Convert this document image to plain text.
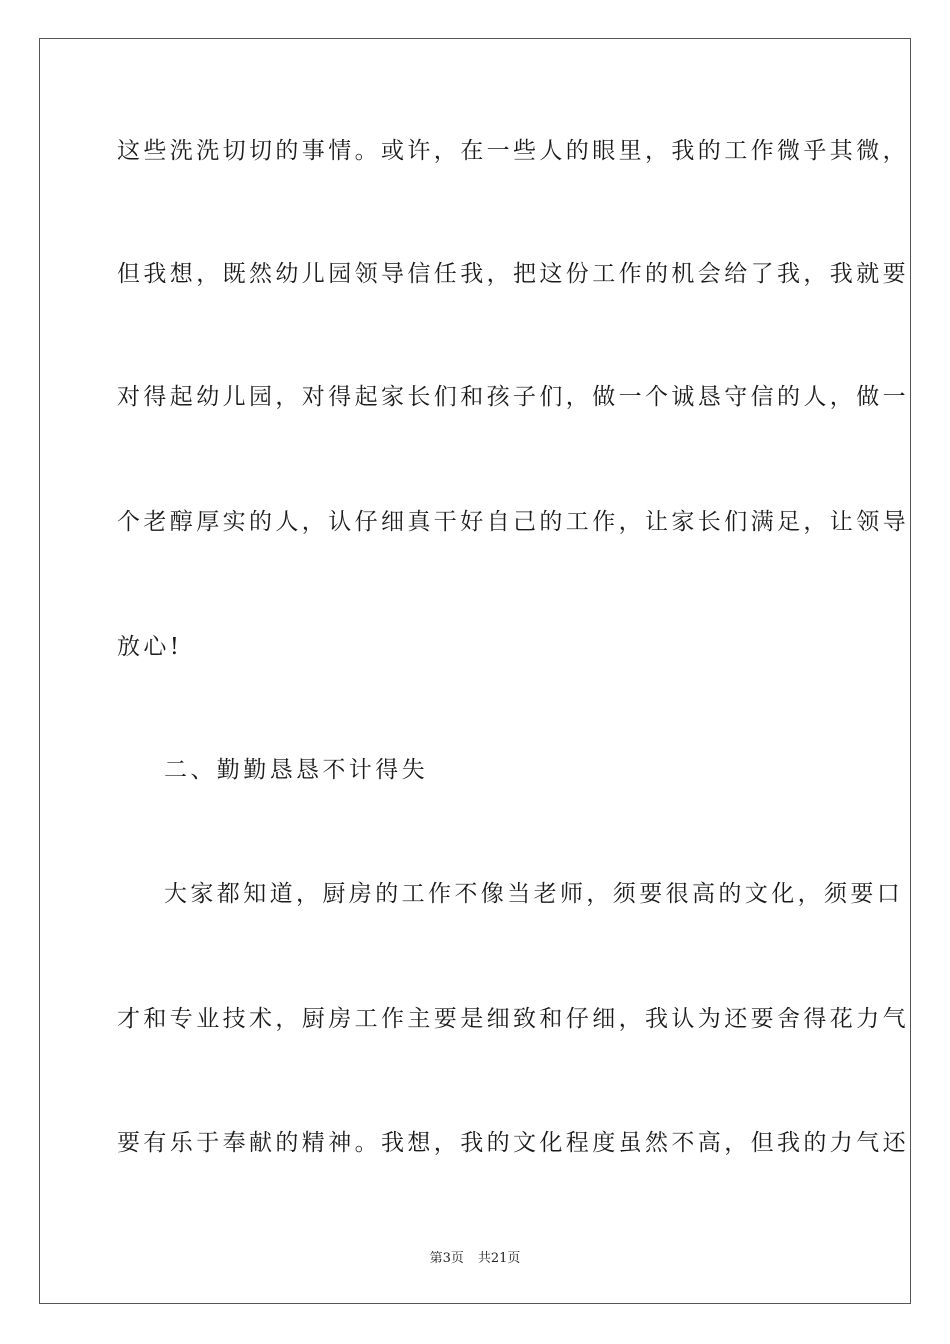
这些洗洗切切的事情。或许，在一些人的眼里，我的工作微乎其微，
但我想，既然幼儿园领导信任我，把这份工作的机会给了我，我就要
对得起幼儿园，对得起家长们和孩子们，做一个诚恳守信的人，做一
个老醇厚实的人，认仔细真干好自己的工作，让家长们满足，让领导
放心!
二、勤勤恳恳不计得失
大家都知道，厨房的工作不像当老师，须要很高的文化，须要口
才和专业技术，厨房工作主要是细致和仔细，我认为还要舍得花力气
要有乐于奉献的精神。我想，我的文化程度虽然不高，但我的力气还
第3页 共21页
